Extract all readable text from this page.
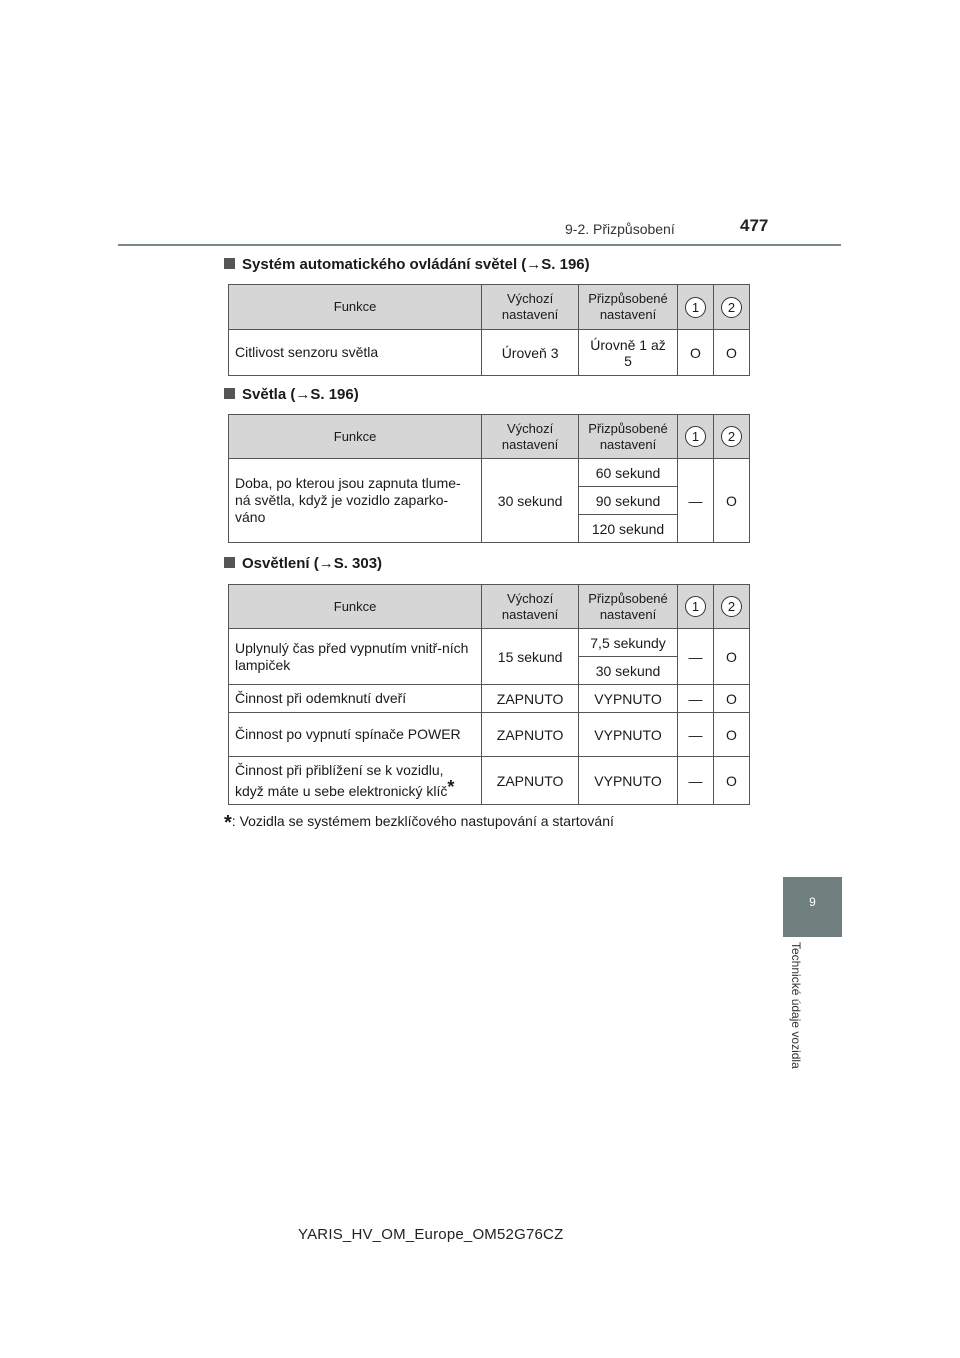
9-2. Přizpůsobení	477
Systém automatického ovládání světel (→S. 196)
Funkce	Výchozí nastavení	Přizpůsobené nastavení	1	2
Citlivost senzoru světla	Úroveň 3	Úrovně 1 až 5	O	O
Světla (→S. 196)
Funkce	Výchozí nastavení	Přizpůsobené nastavení	1	2
Doba, po kterou jsou zapnuta tlume-ná světla, když je vozidlo zaparko-váno	30 sekund	60 sekund	—	O
		90 sekund		
		120 sekund		
Osvětlení (→S. 303)
Funkce	Výchozí nastavení	Přizpůsobené nastavení	1	2
Uplynulý čas před vypnutím vnitř-ních lampiček	15 sekund	7,5 sekundy	—	O
		30 sekund		
Činnost při odemknutí dveří	ZAPNUTO	VYPNUTO	—	O
Činnost po vypnutí spínače POWER	ZAPNUTO	VYPNUTO	—	O
Činnost při přiblížení se k vozidlu, když máte u sebe elektronický klíč*	ZAPNUTO	VYPNUTO	—	O
*: Vozidla se systémem bezklíčového nastupování a startování
9
Technické údaje vozidla
YARIS_HV_OM_Europe_OM52G76CZ
